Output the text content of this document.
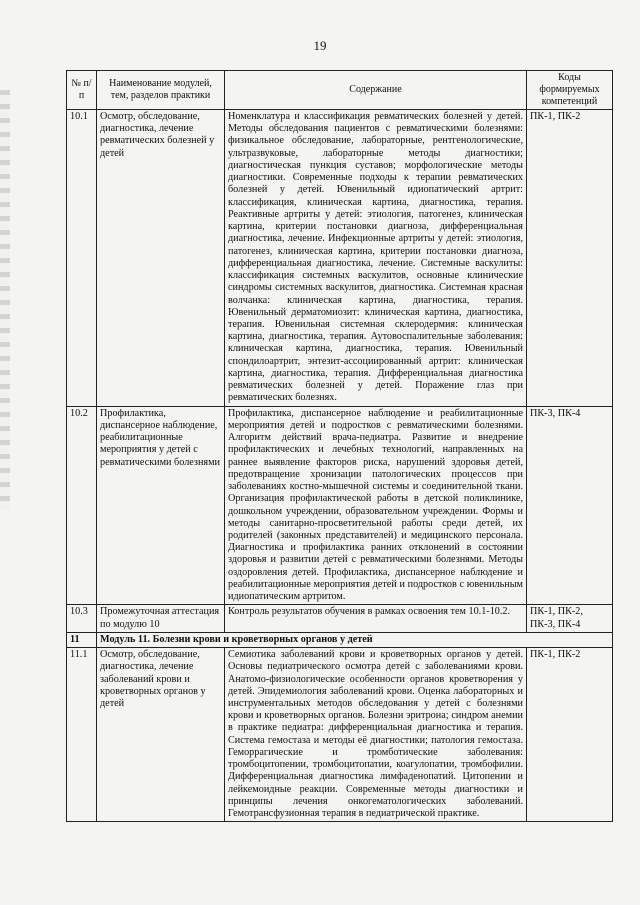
19
№ п/п	Наименование модулей, тем, разделов практики	Содержание	Коды формируемых компетенций
10.1	Осмотр, обследование, диагностика, лечение ревматических болезней у детей	Номенклатура и классификация ревматических болезней у детей. Методы обследования пациентов с ревматическими болезнями: физикальное обследование, лабораторные, рентгенологические, ультразвуковые, лабораторные методы диагностики; диагностическая пункция суставов; морфологические методы диагностики. Современные подходы к терапии ревматических болезней у детей. Ювенильный идиопатический артрит: классификация, клиническая картина, диагностика, терапия. Реактивные артриты у детей: этиология, патогенез, клиническая картина, критерии постановки диагноза, дифференциальная диагностика, лечение. Инфекционные артриты у детей: этиология, патогенез, клиническая картина, критерии постановки диагноза, дифференциальная диагностика, лечение. Системные васкулиты: классификация системных васкулитов, основные клинические синдромы системных васкулитов, диагностика. Системная красная волчанка: клиническая картина, диагностика, терапия. Ювенильный дерматомиозит: клиническая картина, диагностика, терапия. Ювенильная системная склеродермия: клиническая картина, диагностика, терапия. Аутовоспалительные заболевания: клиническая картина, диагностика, терапия. Ювенильный спондилоартрит, энтезит-ассоциированный артрит: клиническая картина, диагностика, терапия. Дифференциальная диагностика ревматических болезней у детей. Поражение глаз при ревматических болезнях.	ПК-1, ПК-2
10.2	Профилактика, диспансерное наблюдение, реабилитационные мероприятия у детей с ревматическими болезнями	Профилактика, диспансерное наблюдение и реабилитационные мероприятия детей и подростков с ревматическими болезнями. Алгоритм действий врача-педиатра. Развитие и внедрение профилактических и лечебных технологий, направленных на раннее выявление факторов риска, нарушений здоровья детей, предотвращение хронизации патологических процессов при заболеваниях костно-мышечной системы и соединительной ткани. Организация профилактической работы в детской поликлинике, дошкольном учреждении, образовательном учреждении. Формы и методы санитарно-просветительной работы среди детей, их родителей (законных представителей) и медицинского персонала. Диагностика и профилактика ранних отклонений в состоянии здоровья и развитии детей с ревматическими болезнями. Методы оздоровления детей. Профилактика, диспансерное наблюдение и реабилитационные мероприятия детей и подростков с ювенильным идиопатическим артритом.	ПК-3, ПК-4
10.3	Промежуточная аттестация по модулю 10	Контроль результатов обучения в рамках освоения тем 10.1-10.2.	ПК-1, ПК-2, ПК-3, ПК-4
11	Модуль 11. Болезни крови и кроветворных органов у детей		
11.1	Осмотр, обследование, диагностика, лечение заболеваний крови и кроветворных органов у детей	Семиотика заболеваний крови и кроветворных органов у детей. Основы педиатрического осмотра детей с заболеваниями крови. Анатомо-физиологические особенности органов кроветворения у детей. Эпидемиология заболеваний крови. Оценка лабораторных и инструментальных методов обследования у детей с болезнями крови и кроветворных органов. Болезни эритрона; синдром анемии в практике педиатра: дифференциальная диагностика и терапия. Система гемостаза и методы её диагностики; патология гемостаза. Геморрагические и тромботические заболевания: тромбоцитопении, тромбоцитопатии, коагулопатии, тромбофилии. Дифференциальная диагностика лимфаденопатий. Цитопении и лейкемоидные реакции. Современные методы диагностики и принципы лечения онкогематологических заболеваний. Гемотрансфузионная терапия в педиатрической практике.	ПК-1, ПК-2
